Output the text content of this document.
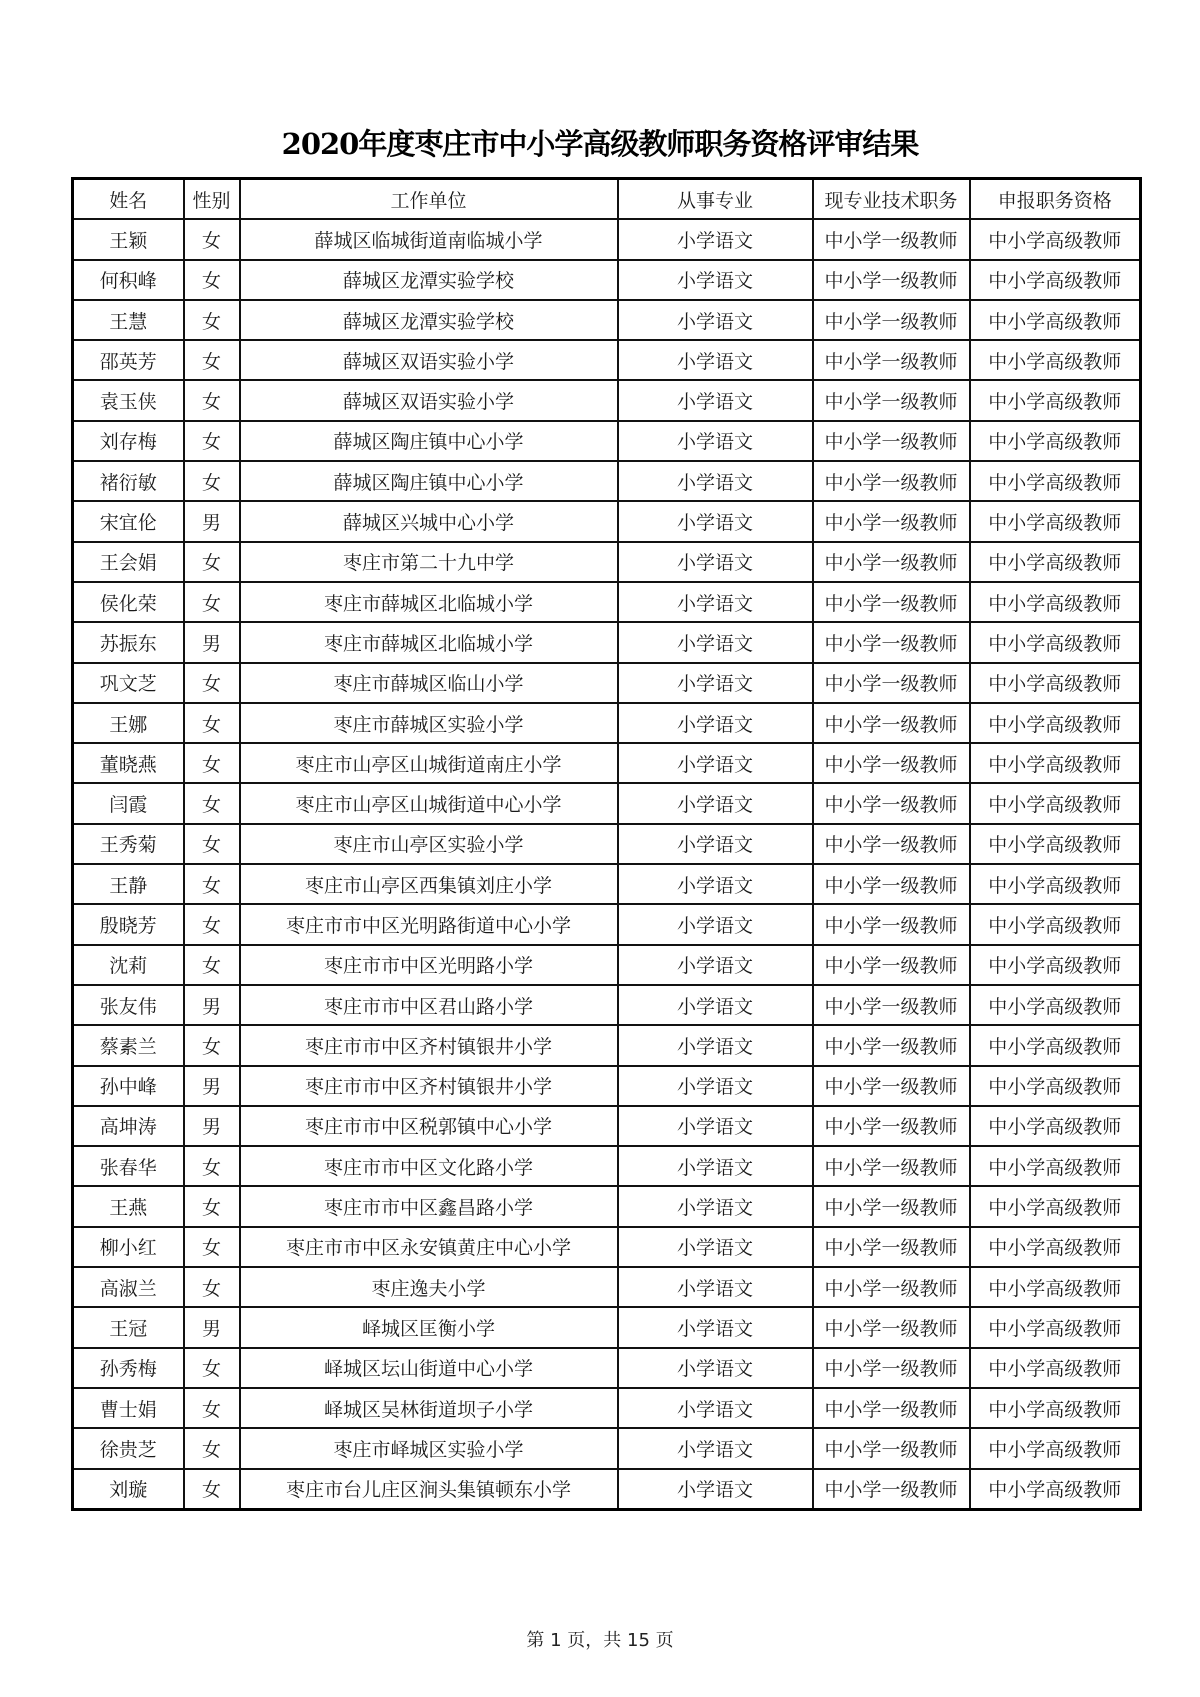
2020年度枣庄市中小学高级教师职务资格评审结果
姓名	性别	工作单位	从事专业	现专业技术职务	申报职务资格
王颖	女	薛城区临城街道南临城小学	小学语文	中小学一级教师	中小学高级教师
何积峰	女	薛城区龙潭实验学校	小学语文	中小学一级教师	中小学高级教师
王慧	女	薛城区龙潭实验学校	小学语文	中小学一级教师	中小学高级教师
邵英芳	女	薛城区双语实验小学	小学语文	中小学一级教师	中小学高级教师
袁玉侠	女	薛城区双语实验小学	小学语文	中小学一级教师	中小学高级教师
刘存梅	女	薛城区陶庄镇中心小学	小学语文	中小学一级教师	中小学高级教师
褚衍敏	女	薛城区陶庄镇中心小学	小学语文	中小学一级教师	中小学高级教师
宋宜伦	男	薛城区兴城中心小学	小学语文	中小学一级教师	中小学高级教师
王会娟	女	枣庄市第二十九中学	小学语文	中小学一级教师	中小学高级教师
侯化荣	女	枣庄市薛城区北临城小学	小学语文	中小学一级教师	中小学高级教师
苏振东	男	枣庄市薛城区北临城小学	小学语文	中小学一级教师	中小学高级教师
巩文芝	女	枣庄市薛城区临山小学	小学语文	中小学一级教师	中小学高级教师
王娜	女	枣庄市薛城区实验小学	小学语文	中小学一级教师	中小学高级教师
董晓燕	女	枣庄市山亭区山城街道南庄小学	小学语文	中小学一级教师	中小学高级教师
闫霞	女	枣庄市山亭区山城街道中心小学	小学语文	中小学一级教师	中小学高级教师
王秀菊	女	枣庄市山亭区实验小学	小学语文	中小学一级教师	中小学高级教师
王静	女	枣庄市山亭区西集镇刘庄小学	小学语文	中小学一级教师	中小学高级教师
殷晓芳	女	枣庄市市中区光明路街道中心小学	小学语文	中小学一级教师	中小学高级教师
沈莉	女	枣庄市市中区光明路小学	小学语文	中小学一级教师	中小学高级教师
张友伟	男	枣庄市市中区君山路小学	小学语文	中小学一级教师	中小学高级教师
蔡素兰	女	枣庄市市中区齐村镇银井小学	小学语文	中小学一级教师	中小学高级教师
孙中峰	男	枣庄市市中区齐村镇银井小学	小学语文	中小学一级教师	中小学高级教师
高坤涛	男	枣庄市市中区税郭镇中心小学	小学语文	中小学一级教师	中小学高级教师
张春华	女	枣庄市市中区文化路小学	小学语文	中小学一级教师	中小学高级教师
王燕	女	枣庄市市中区鑫昌路小学	小学语文	中小学一级教师	中小学高级教师
柳小红	女	枣庄市市中区永安镇黄庄中心小学	小学语文	中小学一级教师	中小学高级教师
高淑兰	女	枣庄逸夫小学	小学语文	中小学一级教师	中小学高级教师
王冠	男	峄城区匡衡小学	小学语文	中小学一级教师	中小学高级教师
孙秀梅	女	峄城区坛山街道中心小学	小学语文	中小学一级教师	中小学高级教师
曹士娟	女	峄城区吴林街道坝子小学	小学语文	中小学一级教师	中小学高级教师
徐贵芝	女	枣庄市峄城区实验小学	小学语文	中小学一级教师	中小学高级教师
刘璇	女	枣庄市台儿庄区涧头集镇顿东小学	小学语文	中小学一级教师	中小学高级教师
第 1 页，共 15 页
